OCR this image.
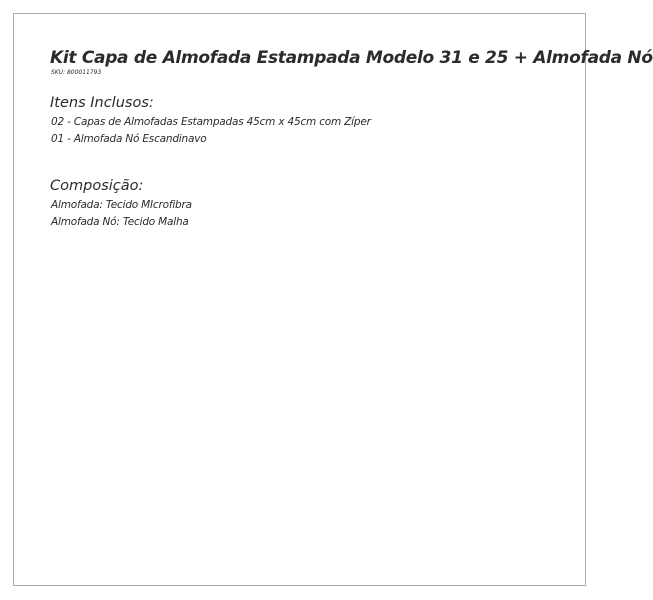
Kit Capa de Almofada Estampada Modelo 31 e 25 + Almofada Nó

SKU: 800011793

Itens Inclusos:

02 - Capas de Almofadas Estampadas 45cm x 45cm com Zíper

01 - Almofada Nó Escandinavo

Composição:

Almofada: Tecido MIcrofibra

Almofada Nó: Tecido Malha
